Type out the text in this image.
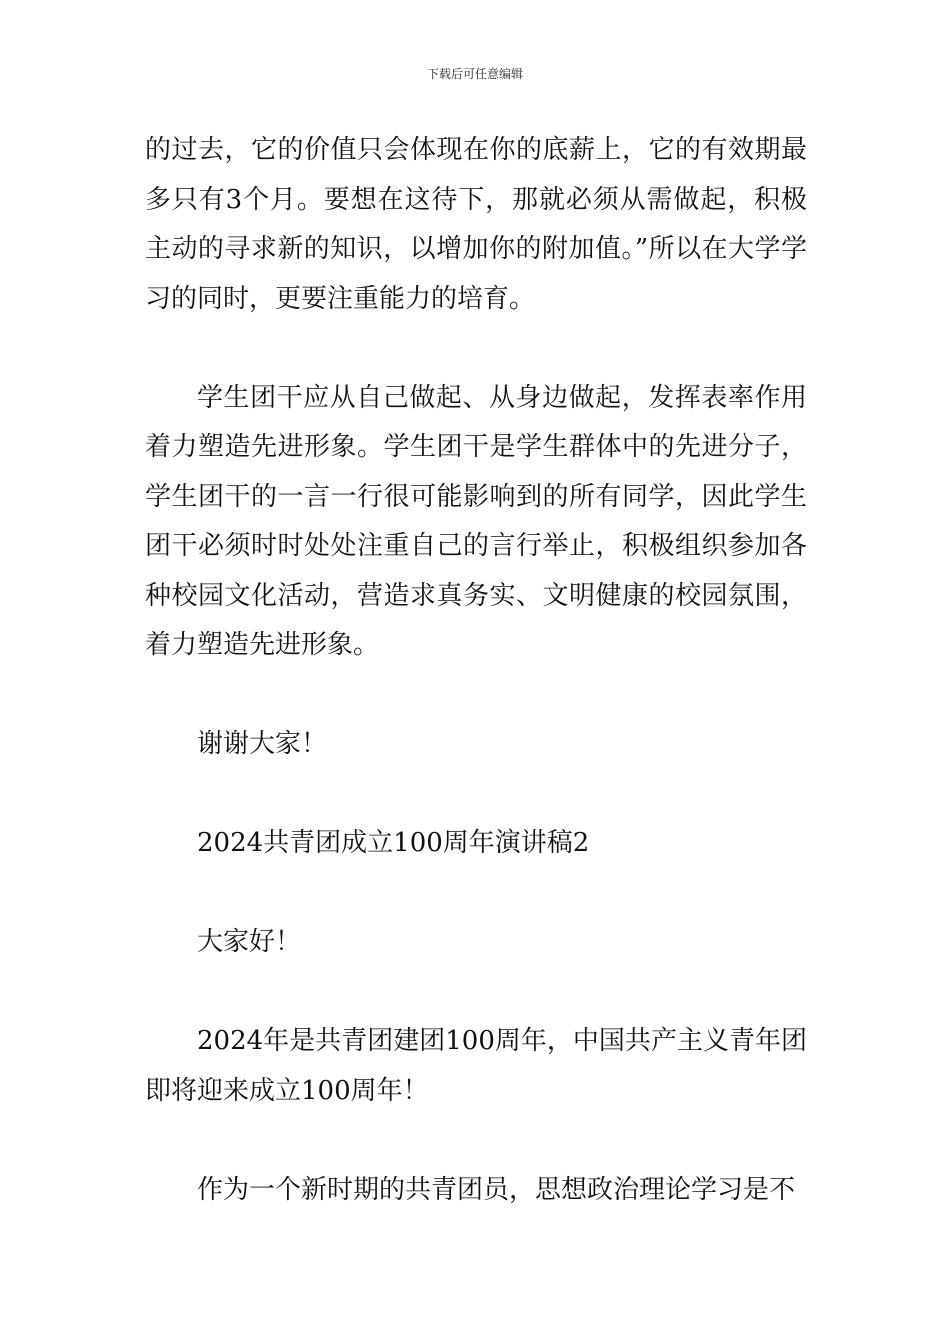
下载后可任意编辑

的过去，它的价值只会体现在你的底薪上，它的有效期最多只有3个月。要想在这待下，那就必须从需做起，积极主动的寻求新的知识，以增加你的附加值。”所以在大学学习的同时，更要注重能力的培育。

学生团干应从自己做起、从身边做起，发挥表率作用着力塑造先进形象。学生团干是学生群体中的先进分子，学生团干的一言一行很可能影响到的所有同学，因此学生团干必须时时处处注重自己的言行举止，积极组织参加各种校园文化活动，营造求真务实、文明健康的校园氛围，着力塑造先进形象。

谢谢大家！

2024共青团成立100周年演讲稿2

大家好！

2024年是共青团建团100周年，中国共产主义青年团即将迎来成立100周年！

作为一个新时期的共青团员，思想政治理论学习是不
